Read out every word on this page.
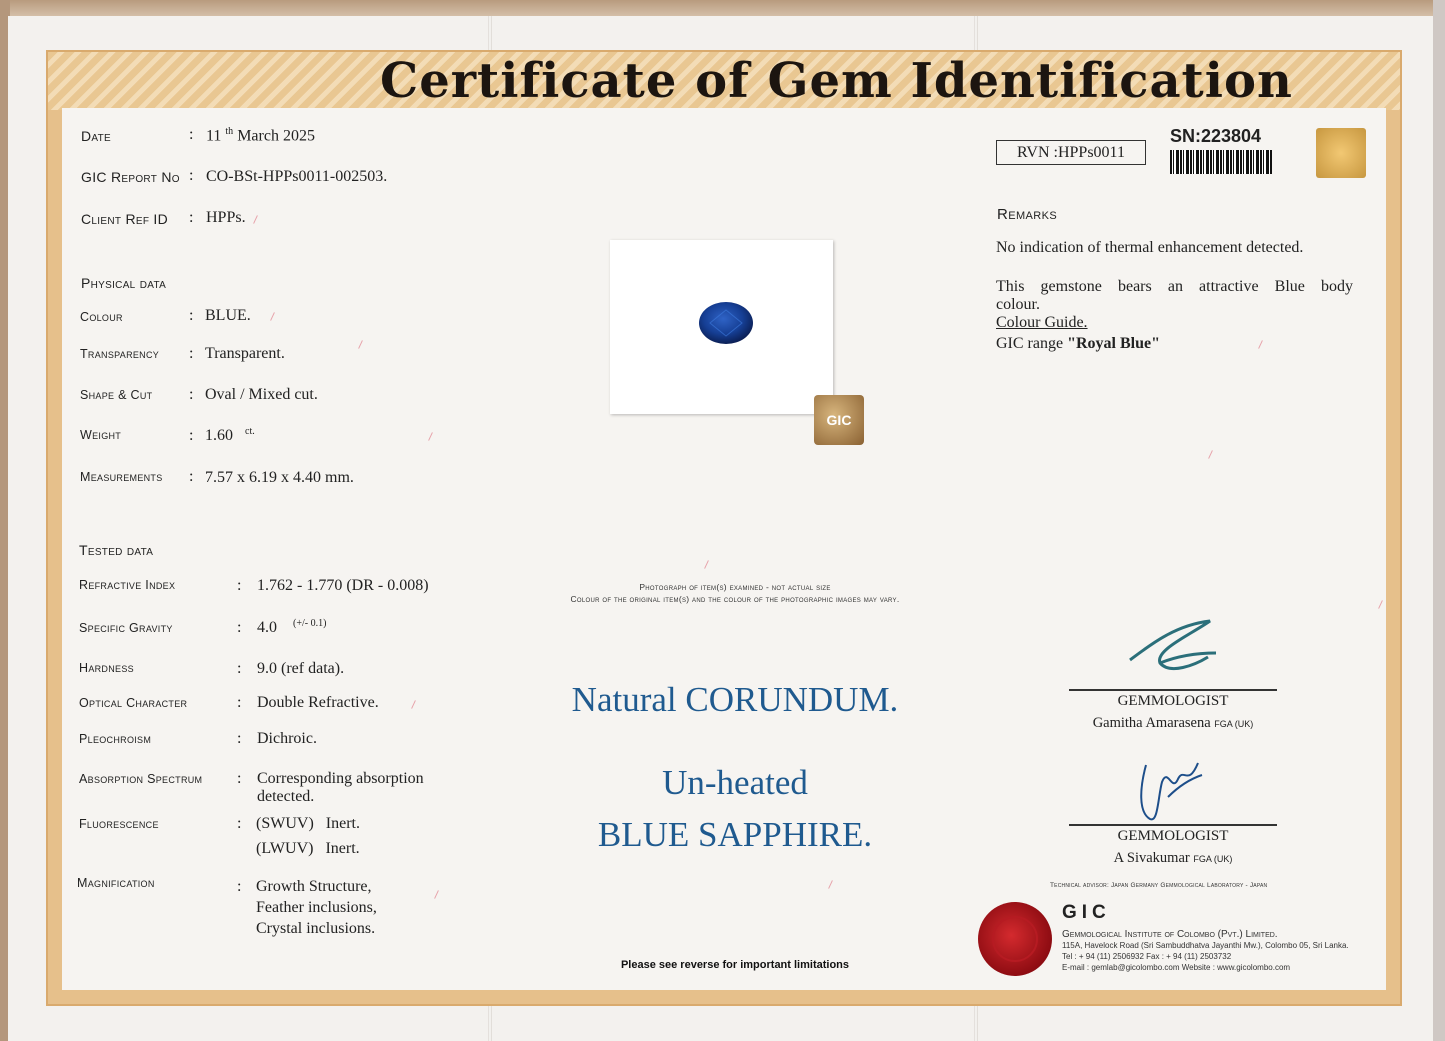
Certificate of Gem Identification
Date	: 11 $^{th}$ March 2025
GIC Report No : CO-BSt-HPPs0011-002503.
Client Ref ID : HPPs.
Physical data
Colour	: BLUE.
Transparency : Transparent.
Shape & Cut : Oval / Mixed cut.
Weight	: 1.60 $^{ct.}$
Measurements : 7.57 x 6.19 x 4.40 mm.
Tested data
Refractive Index	: 1.762 - 1.770 (DR - 0.008)
Specific Gravity	: 4.0 $^{(+/- 0.1)}$
Hardness	: 9.0 (ref data).
Optical Character	: Double Refractive.
Pleochroism	: Dichroic.
Absorption Spectrum : Corresponding absorption
detected.
Fluorescence	: (SWUV)   Inert.
(LWUV)   Inert.
Magnification	: Growth Structure,
Feather inclusions,
Crystal inclusions.
GIC
Photograph of item(s) examined - not actual size
Colour of the original item(s) and the colour of the photographic images may vary.
Natural CORUNDUM.
Un-heated
BLUE SAPPHIRE.
Please see reverse for important limitations
RVN :HPPs0011
SN:223804
Remarks
No indication of thermal enhancement detected.
This gemstone bears an attractive Blue body
colour.
Colour Guide.
GIC range "Royal Blue"
GEMMOLOGIST
Gamitha Amarasena FGA (UK)
GEMMOLOGIST
A Sivakumar FGA (UK)
Technical advisor: Japan Germany Gemmological Laboratory - Japan
GIC
Gemmological Institute of Colombo (Pvt.) Limited.
115A, Havelock Road (Sri Sambuddhatva Jayanthi Mw.), Colombo 05, Sri Lanka.
Tel : + 94 (11) 2506932 Fax : + 94 (11) 2503732
E-mail : gemlab@gicolombo.com Website : www.gicolombo.com
